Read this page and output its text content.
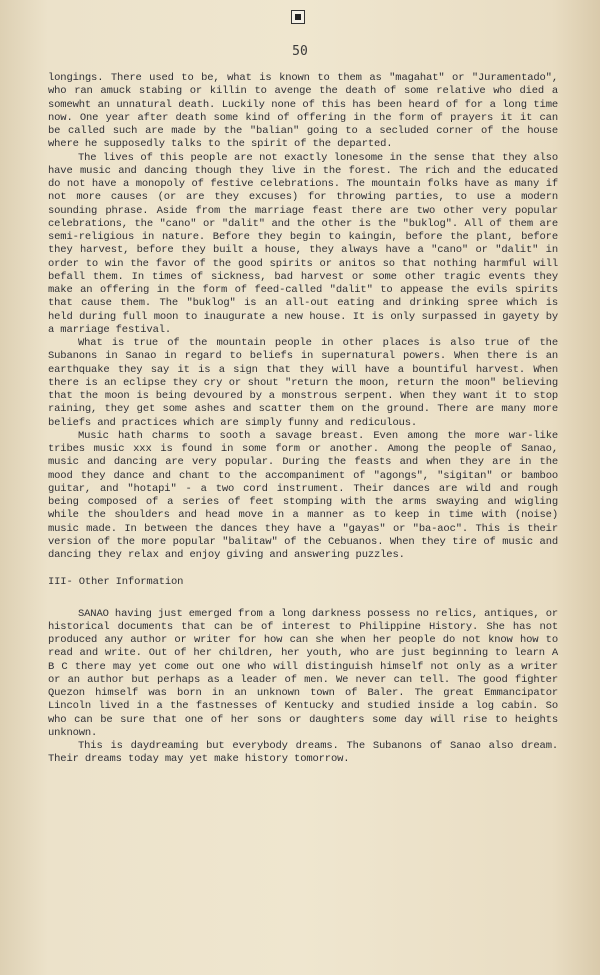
50

longings. There used to be, what is known to them as "magahat" or "Juramentado", who ran amuck stabing or killin to avenge the death of some relative who died a somewht an unnatural death. Luckily none of this has been heard of for a long time now. One year after death some kind of offering in the form of prayers it it can be called such are made by the "balian" going to a secluded corner of the house where he supposedly talks to the spirit of the departed.

The lives of this people are not exactly lonesome in the sense that they also have music and dancing though they live in the forest. The rich and the educated do not have a monopoly of festive celebrations. The mountain folks have as many if not more causes (or are they excuses) for throwing parties, to use a modern sounding phrase. Aside from the marriage feast there are two other very popular celebrations, the "cano" or "dalit" and the other is the "buklog". All of them are semi-religious in nature. Before they begin to kaingin, before the plant, before they harvest, before they built a house, they always have a "cano" or "dalit" in order to win the favor of the good spirits or anitos so that nothing harmful will befall them. In times of sickness, bad harvest or some other tragic events they make an offering in the form of feed-called "dalit" to appease the evils spirits that cause them. The "buklog" is an all-out eating and drinking spree which is held during full moon to inaugurate a new house. It is only surpassed in gayety by a marriage festival.

What is true of the mountain people in other places is also true of the Subanons in Sanao in regard to beliefs in supernatural powers. When there is an earthquake they say it is a sign that they will have a bountiful harvest. When there is an eclipse they cry or shout "return the moon, return the moon" believing that the moon is being devoured by a monstrous serpent. When they want it to stop raining, they get some ashes and scatter them on the ground. There are many more beliefs and practices which are simply funny and rediculous.

Music hath charms to sooth a savage breast. Even among the more war-like tribes music xxx is found in some form or another. Among the people of Sanao, music and dancing are very popular. During the feasts and when they are in the mood they dance and chant to the accompaniment of "agongs", "sigitan" or bamboo guitar, and "hotapi" - a two cord instrument. Their dances are wild and rough being composed of a series of feet stomping with the arms swaying and wigling while the shoulders and head move in a manner as to keep in time with (noise) music made. In between the dances they have a "gayas" or "ba-aoc". This is their version of the more popular "balitaw" of the Cebuanos. When they tire of music and dancing they relax and enjoy giving and answering puzzles.

III- Other Information

SANAO having just emerged from a long darkness possess no relics, antiques, or historical documents that can be of interest to Philippine History. She has not produced any author or writer for how can she when her people do not know how to read and write. Out of her children, her youth, who are just beginning to learn A B C there may yet come out one who will distinguish himself not only as a writer or an author but perhaps as a leader of men. We never can tell. The good fighter Quezon himself was born in an unknown town of Baler. The great Emmancipator Lincoln lived in a the fastnesses of Kentucky and studied inside a log cabin. So who can be sure that one of her sons or daughters some day will rise to heights unknown.

This is daydreaming but everybody dreams. The Subanons of Sanao also dream. Their dreams today may yet make history tomorrow.
